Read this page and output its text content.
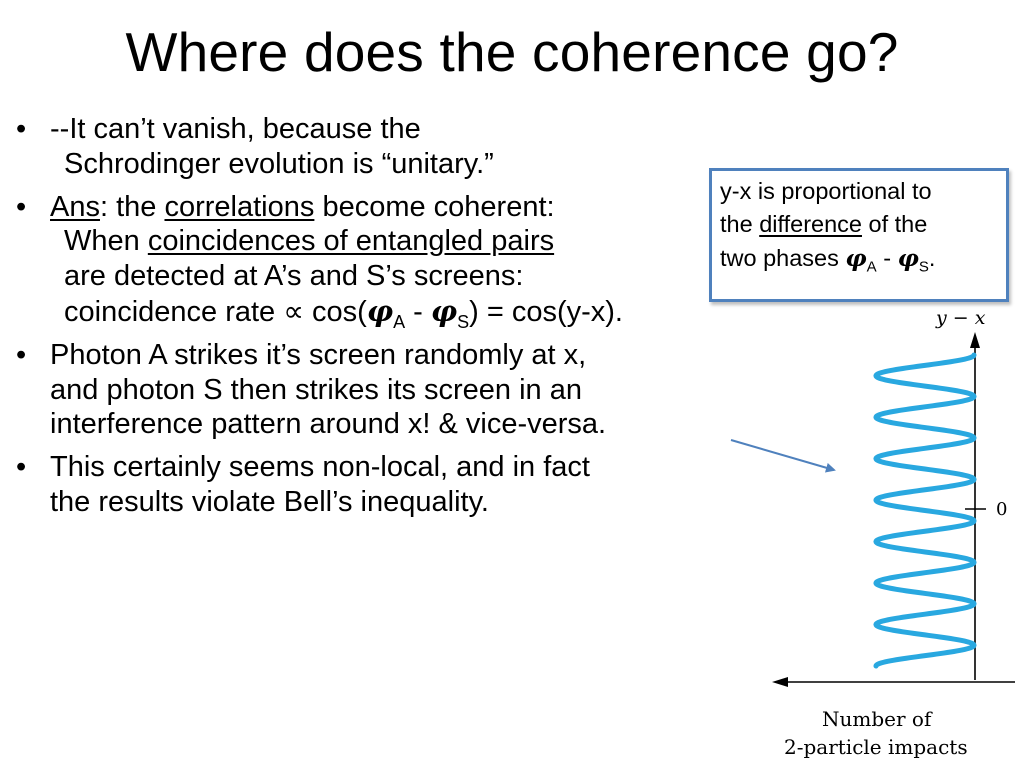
Where does the coherence go?
• --It can’t vanish, because the
Schrodinger evolution is “unitary.”
• Ans: the correlations become coherent:
When coincidences of entangled pairs
are detected at A’s and S’s screens:
coincidence rate ∝ $\cos(\varphi_A - \varphi_S) = \cos(y-x)$.
• Photon A strikes it’s screen randomly at x,
and photon S then strikes its screen in an
interference pattern around x! & vice-versa.
• This certainly seems non-local, and in fact
the results violate Bell’s inequality.
y-x is proportional to
the difference of the
two phases $\varphi_A - \varphi_S$.
0
y − x
Number of
2-particle impacts
